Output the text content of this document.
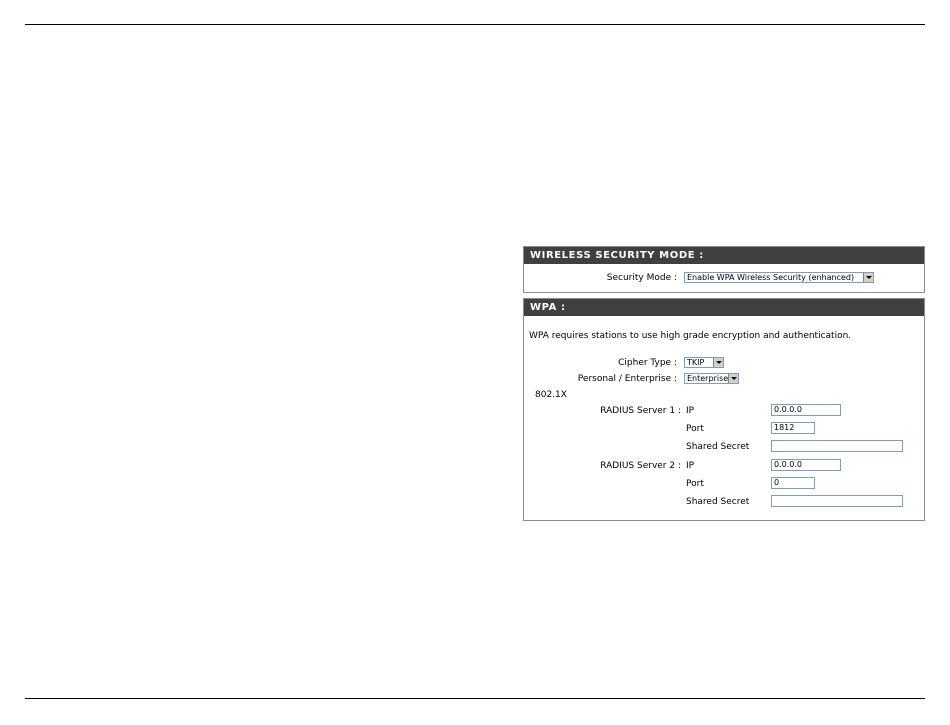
WIRELESS SECURITY MODE :
Security Mode :	Enable WPA Wireless Security (enhanced)
WPA :
WPA requires stations to use high grade encryption and authentication.
Cipher Type :	TKIP
Personal / Enterprise :	Enterprise
802.1X
RADIUS Server 1 : IP	0.0.0.0
Port	1812
Shared Secret
RADIUS Server 2 : IP	0.0.0.0
Port	0
Shared Secret
